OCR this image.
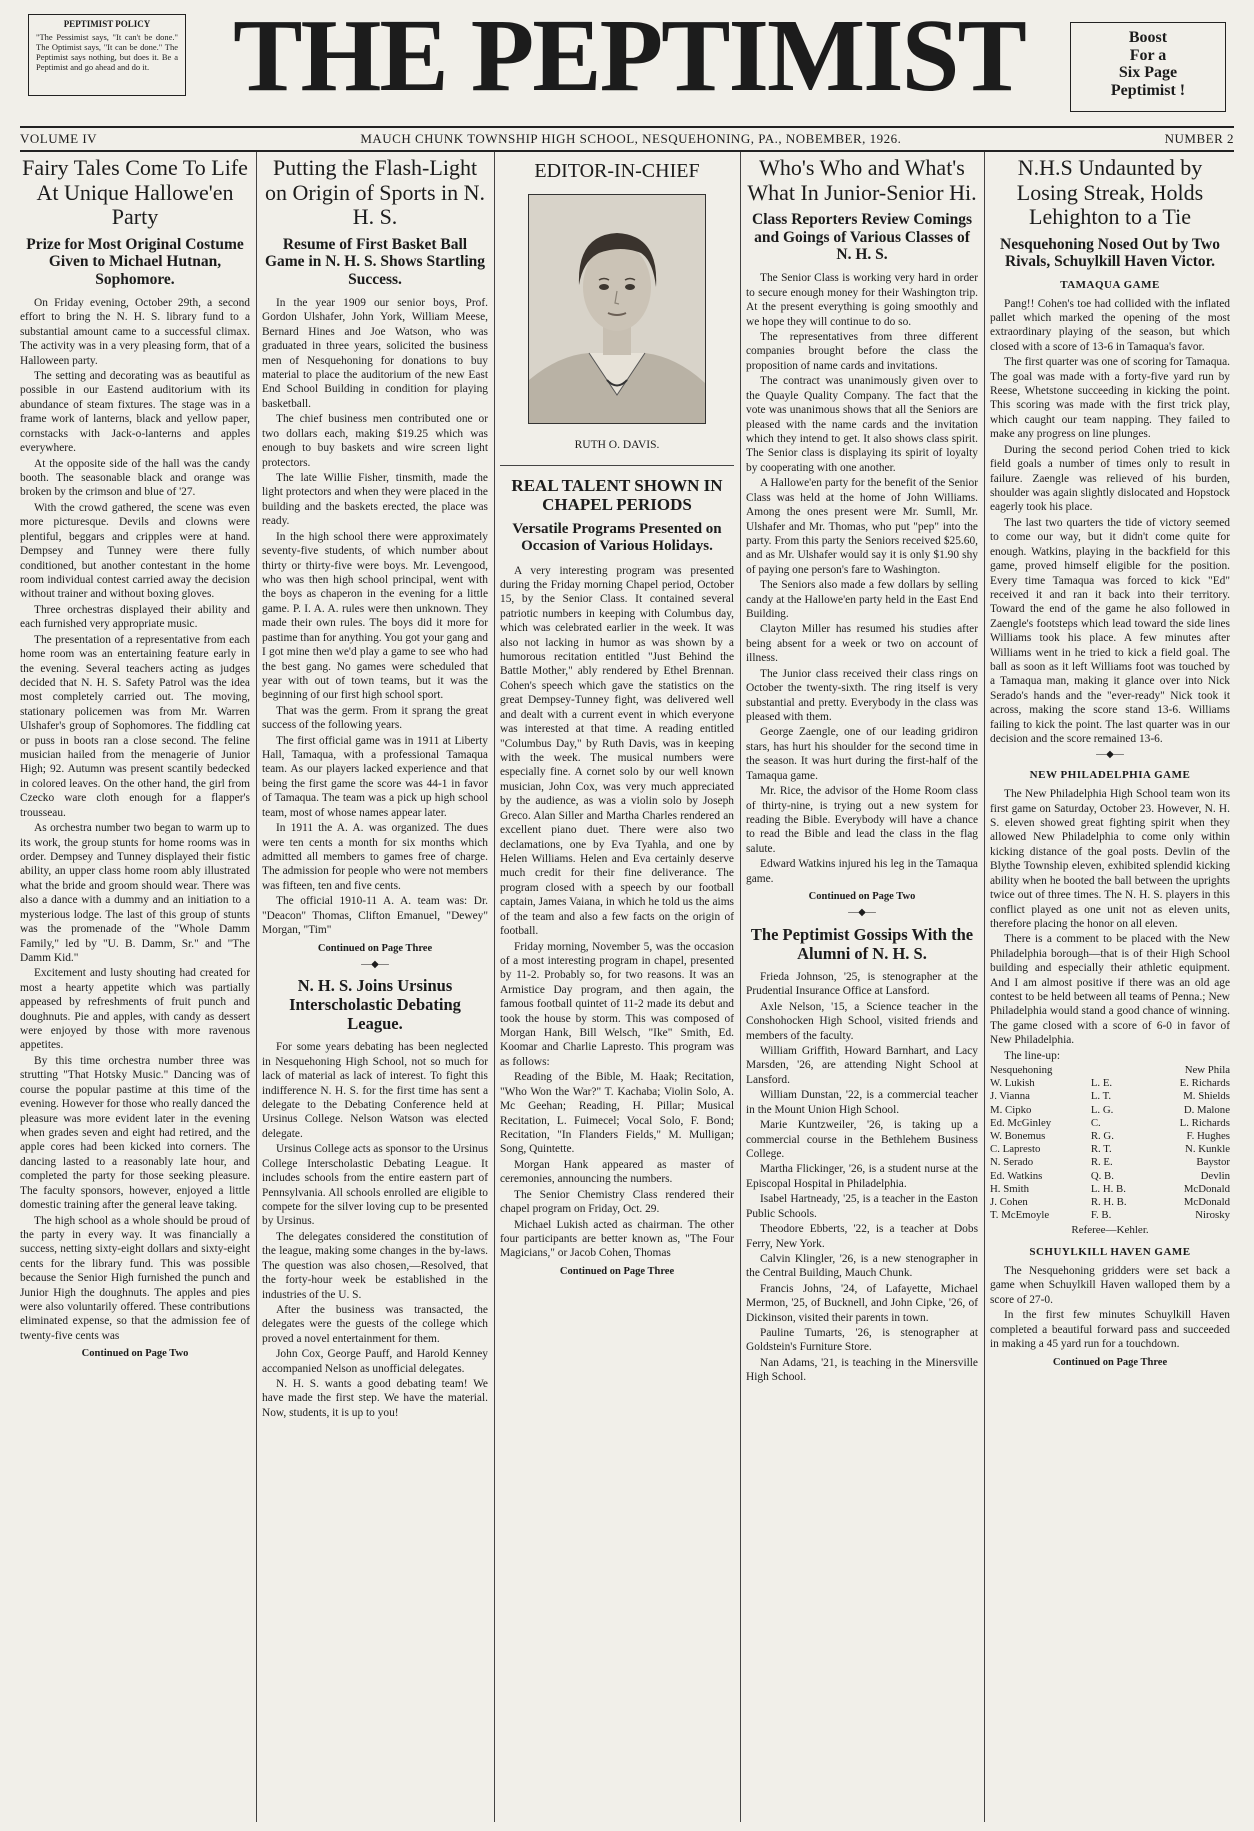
PEPTIMIST POLICY
"The Pessimist says, "It can't be done." The Optimist says, "It can be done." The Peptimist says nothing, but does it. Be a Peptimist and go ahead and do it. THE PEPTIMIST	Boost
For a
Six Page
Peptimist !
VOLUME IV	MAUCH CHUNK TOWNSHIP HIGH SCHOOL, NESQUEHONING, PA., NOBEMBER, 1926.	NUMBER 2
Fairy Tales Come To Life At Unique Hallowe'en Party
Prize for Most Original Costume Given to Michael Hutnan, Sophomore.

On Friday evening, October 29th, a second effort to bring the N. H. S. library fund to a substantial amount came to a successful climax. The activity was in a very pleasing form, that of a Halloween party.

The setting and decorating was as beautiful as possible in our Eastend auditorium with its abundance of steam fixtures. The stage was in a frame work of lanterns, black and yellow paper, cornstacks with Jack-o-lanterns and apples everywhere.

At the opposite side of the hall was the candy booth. The seasonable black and orange was broken by the crimson and blue of '27.

With the crowd gathered, the scene was even more picturesque. Devils and clowns were plentiful, beggars and cripples were at hand. Dempsey and Tunney were there fully conditioned, but another contestant in the home room individual contest carried away the decision without trainer and without boxing gloves.

Three orchestras displayed their ability and each furnished very appropriate music.

The presentation of a representative from each home room was an entertaining feature early in the evening. Several teachers acting as judges decided that N. H. S. Safety Patrol was the idea most completely carried out. The moving, stationary policemen was from Mr. Warren Ulshafer's group of Sophomores. The fiddling cat or puss in boots ran a close second. The feline musician hailed from the menagerie of Junior High; 92. Autumn was present scantily bedecked in colored leaves. On the other hand, the girl from Czecko ware cloth enough for a flapper's trousseau.

As orchestra number two began to warm up to its work, the group stunts for home rooms was in order. Dempsey and Tunney displayed their fistic ability, an upper class home room ably illustrated what the bride and groom should wear. There was also a dance with a dummy and an initiation to a mysterious lodge. The last of this group of stunts was the promenade of the "Whole Damm Family," led by "U. B. Damm, Sr." and "The Damm Kid."

Excitement and lusty shouting had created for most a hearty appetite which was partially appeased by refreshments of fruit punch and doughnuts. Pie and apples, with candy as dessert were enjoyed by those with more ravenous appetites.

By this time orchestra number three was strutting "That Hotsky Music." Dancing was of course the popular pastime at this time of the evening. However for those who really danced the pleasure was more evident later in the evening when grades seven and eight had retired, and the apple cores had been kicked into corners. The dancing lasted to a reasonably late hour, and completed the party for those seeking pleasure. The faculty sponsors, however, enjoyed a little domestic training after the general leave taking.

The high school as a whole should be proud of the party in every way. It was financially a success, netting sixty-eight dollars and sixty-eight cents for the library fund. This was possible because the Senior High furnished the punch and Junior High the doughnuts. The apples and pies were also voluntarily offered. These contributions eliminated expense, so that the admission fee of twenty-five cents was

Continued on Page Two
Putting the Flash-Light on Origin of Sports in N. H. S.
Resume of First Basket Ball Game in N. H. S. Shows Startling Success.

In the year 1909 our senior boys, Prof. Gordon Ulshafer, John York, William Meese, Bernard Hines and Joe Watson, who was graduated in three years, solicited the business men of Nesquehoning for donations to buy material to place the auditorium of the new East End School Building in condition for playing basketball.

The chief business men contributed one or two dollars each, making $19.25 which was enough to buy baskets and wire screen light protectors.

The late Willie Fisher, tinsmith, made the light protectors and when they were placed in the building and the baskets erected, the place was ready.

In the high school there were approximately seventy-five students, of which number about thirty or thirty-five were boys. Mr. Levengood, who was then high school principal, went with the boys as chaperon in the evening for a little game. P. I. A. A. rules were then unknown. They made their own rules. The boys did it more for pastime than for anything. You got your gang and I got mine then we'd play a game to see who had the best gang. No games were scheduled that year with out of town teams, but it was the beginning of our first high school sport.

That was the germ. From it sprang the great success of the following years.

The first official game was in 1911 at Liberty Hall, Tamaqua, with a professional Tamaqua team. As our players lacked experience and that being the first game the score was 44-1 in favor of Tamaqua. The team was a pick up high school team, most of whose names appear later.

In 1911 the A. A. was organized. The dues were ten cents a month for six months which admitted all members to games free of charge. The admission for people who were not members was fifteen, ten and five cents.

The official 1910-11 A. A. team was: Dr. "Deacon" Thomas, Clifton Emanuel, "Dewey" Morgan, "Tim"

Continued on Page Three
—◆—
N. H. S. Joins Ursinus Interscholastic Debating League.

For some years debating has been neglected in Nesquehoning High School, not so much for lack of material as lack of interest. To fight this indifference N. H. S. for the first time has sent a delegate to the Debating Conference held at Ursinus College. Nelson Watson was elected delegate.

Ursinus College acts as sponsor to the Ursinus College Interscholastic Debating League. It includes schools from the entire eastern part of Pennsylvania. All schools enrolled are eligible to compete for the silver loving cup to be presented by Ursinus.

The delegates considered the constitution of the league, making some changes in the by-laws. The question was also chosen,—Resolved, that the forty-hour week be established in the industries of the U. S.

After the business was transacted, the delegates were the guests of the college which proved a novel entertainment for them.

John Cox, George Pauff, and Harold Kenney accompanied Nelson as unofficial delegates.

N. H. S. wants a good debating team! We have made the first step. We have the material. Now, students, it is up to you!

EDITOR-IN-CHIEF
RUTH O. DAVIS.
REAL TALENT SHOWN IN CHAPEL PERIODS
Versatile Programs Presented on Occasion of Various Holidays.

A very interesting program was presented during the Friday morning Chapel period, October 15, by the Senior Class. It contained several patriotic numbers in keeping with Columbus day, which was celebrated earlier in the week. It was also not lacking in humor as was shown by a humorous recitation entitled "Just Behind the Battle Mother," ably rendered by Ethel Brennan. Cohen's speech which gave the statistics on the great Dempsey-Tunney fight, was delivered well and dealt with a current event in which everyone was interested at that time. A reading entitled "Columbus Day," by Ruth Davis, was in keeping with the week. The musical numbers were especially fine. A cornet solo by our well known musician, John Cox, was very much appreciated by the audience, as was a violin solo by Joseph Greco. Alan Siller and Martha Charles rendered an excellent piano duet. There were also two declamations, one by Eva Tyahla, and one by Helen Williams. Helen and Eva certainly deserve much credit for their fine deliverance. The program closed with a speech by our football captain, James Vaiana, in which he told us the aims of the team and also a few facts on the origin of football.

Friday morning, November 5, was the occasion of a most interesting program in chapel, presented by 11-2. Probably so, for two reasons. It was an Armistice Day program, and then again, the famous football quintet of 11-2 made its debut and took the house by storm. This was composed of Morgan Hank, Bill Welsch, "Ike" Smith, Ed. Koomar and Charlie Lapresto. This program was as follows:

Reading of the Bible, M. Haak; Recitation, "Who Won the War?" T. Kachaba; Violin Solo, A. Mc Geehan; Reading, H. Pillar; Musical Recitation, L. Fuimecel; Vocal Solo, F. Bond; Recitation, "In Flanders Fields," M. Mulligan; Song, Quintette.

Morgan Hank appeared as master of ceremonies, announcing the numbers.

The Senior Chemistry Class rendered their chapel program on Friday, Oct. 29.

Michael Lukish acted as chairman. The other four participants are better known as, "The Four Magicians," or Jacob Cohen, Thomas

Continued on Page Three
Who's Who and What's What In Junior-Senior Hi.
Class Reporters Review Comings and Goings of Various Classes of N. H. S.

The Senior Class is working very hard in order to secure enough money for their Washington trip. At the present everything is going smoothly and we hope they will continue to do so.

The representatives from three different companies brought before the class the proposition of name cards and invitations.

The contract was unanimously given over to the Quayle Quality Company. The fact that the vote was unanimous shows that all the Seniors are pleased with the name cards and the invitation which they intend to get. It also shows class spirit. The Senior class is displaying its spirit of loyalty by cooperating with one another.

A Hallowe'en party for the benefit of the Senior Class was held at the home of John Williams. Among the ones present were Mr. Sumll, Mr. Ulshafer and Mr. Thomas, who put "pep" into the party. From this party the Seniors received $25.60, and as Mr. Ulshafer would say it is only $1.90 shy of paying one person's fare to Washington.

The Seniors also made a few dollars by selling candy at the Hallowe'en party held in the East End Building.

Clayton Miller has resumed his studies after being absent for a week or two on account of illness.

The Junior class received their class rings on October the twenty-sixth. The ring itself is very substantial and pretty. Everybody in the class was pleased with them.

George Zaengle, one of our leading gridiron stars, has hurt his shoulder for the second time in the season. It was hurt during the first-half of the Tamaqua game.

Mr. Rice, the advisor of the Home Room class of thirty-nine, is trying out a new system for reading the Bible. Everybody will have a chance to read the Bible and lead the class in the flag salute.

Edward Watkins injured his leg in the Tamaqua game.

Continued on Page Two
—◆—
The Peptimist Gossips With the Alumni of N. H. S.

Frieda Johnson, '25, is stenographer at the Prudential Insurance Office at Lansford.

Axle Nelson, '15, a Science teacher in the Conshohocken High School, visited friends and members of the faculty.

William Griffith, Howard Barnhart, and Lacy Marsden, '26, are attending Night School at Lansford.

William Dunstan, '22, is a commercial teacher in the Mount Union High School.

Marie Kuntzweiler, '26, is taking up a commercial course in the Bethlehem Business College.

Martha Flickinger, '26, is a student nurse at the Episcopal Hospital in Philadelphia.

Isabel Hartneady, '25, is a teacher in the Easton Public Schools.

Theodore Ebberts, '22, is a teacher at Dobs Ferry, New York.

Calvin Klingler, '26, is a new stenographer in the Central Building, Mauch Chunk.

Francis Johns, '24, of Lafayette, Michael Mermon, '25, of Bucknell, and John Cipke, '26, of Dickinson, visited their parents in town.

Pauline Tumarts, '26, is stenographer at Goldstein's Furniture Store.

Nan Adams, '21, is teaching in the Minersville High School.

N.H.S Undaunted by Losing Streak, Holds Lehighton to a Tie
Nesquehoning Nosed Out by Two Rivals, Schuylkill Haven Victor.
TAMAQUA GAME

Pang!! Cohen's toe had collided with the inflated pallet which marked the opening of the most extraordinary playing of the season, but which closed with a score of 13-6 in Tamaqua's favor.

The first quarter was one of scoring for Tamaqua. The goal was made with a forty-five yard run by Reese, Whetstone succeeding in kicking the point. This scoring was made with the first trick play, which caught our team napping. They failed to make any progress on line plunges.

During the second period Cohen tried to kick field goals a number of times only to result in failure. Zaengle was relieved of his burden, shoulder was again slightly dislocated and Hopstock eagerly took his place.

The last two quarters the tide of victory seemed to come our way, but it didn't come quite for enough. Watkins, playing in the backfield for this game, proved himself eligible for the position. Every time Tamaqua was forced to kick "Ed" received it and ran it back into their territory. Toward the end of the game he also followed in Zaengle's footsteps which lead toward the side lines Williams took his place. A few minutes after Williams went in he tried to kick a field goal. The ball as soon as it left Williams foot was touched by a Tamaqua man, making it glance over into Nick Serado's hands and the "ever-ready" Nick took it across, making the score stand 13-6. Williams failing to kick the point. The last quarter was in our decision and the score remained 13-6.

—◆—
NEW PHILADELPHIA GAME

The New Philadelphia High School team won its first game on Saturday, October 23. However, N. H. S. eleven showed great fighting spirit when they allowed New Philadelphia to come only within kicking distance of the goal posts. Devlin of the Blythe Township eleven, exhibited splendid kicking ability when he booted the ball between the uprights twice out of three times. The N. H. S. players in this conflict played as one unit not as eleven units, therefore placing the honor on all eleven.

There is a comment to be placed with the New Philadelphia borough—that is of their High School building and especially their athletic equipment. And I am almost positive if there was an old age contest to be held between all teams of Penna.; New Philadelphia would stand a good chance of winning. The game closed with a score of 6-0 in favor of New Philadelphia.

The line-up:

Nesquehoning		New Phila
W. Lukish	L. E.	E. Richards
J. Vianna	L. T.	M. Shields
M. Cipko	L. G.	D. Malone
Ed. McGinley	C.	L. Richards
W. Bonemus	R. G.	F. Hughes
C. Lapresto	R. T.	N. Kunkle
N. Serado	R. E.	Baystor
Ed. Watkins	Q. B.	Devlin
H. Smith	L. H. B.	McDonald
J. Cohen	R. H. B.	McDonald
T. McEmoyle	F. B.	Nirosky
Referee—Kehler.
SCHUYLKILL HAVEN GAME

The Nesquehoning gridders were set back a game when Schuylkill Haven walloped them by a score of 27-0.

In the first few minutes Schuylkill Haven completed a beautiful forward pass and succeeded in making a 45 yard run for a touchdown.

Continued on Page Three
